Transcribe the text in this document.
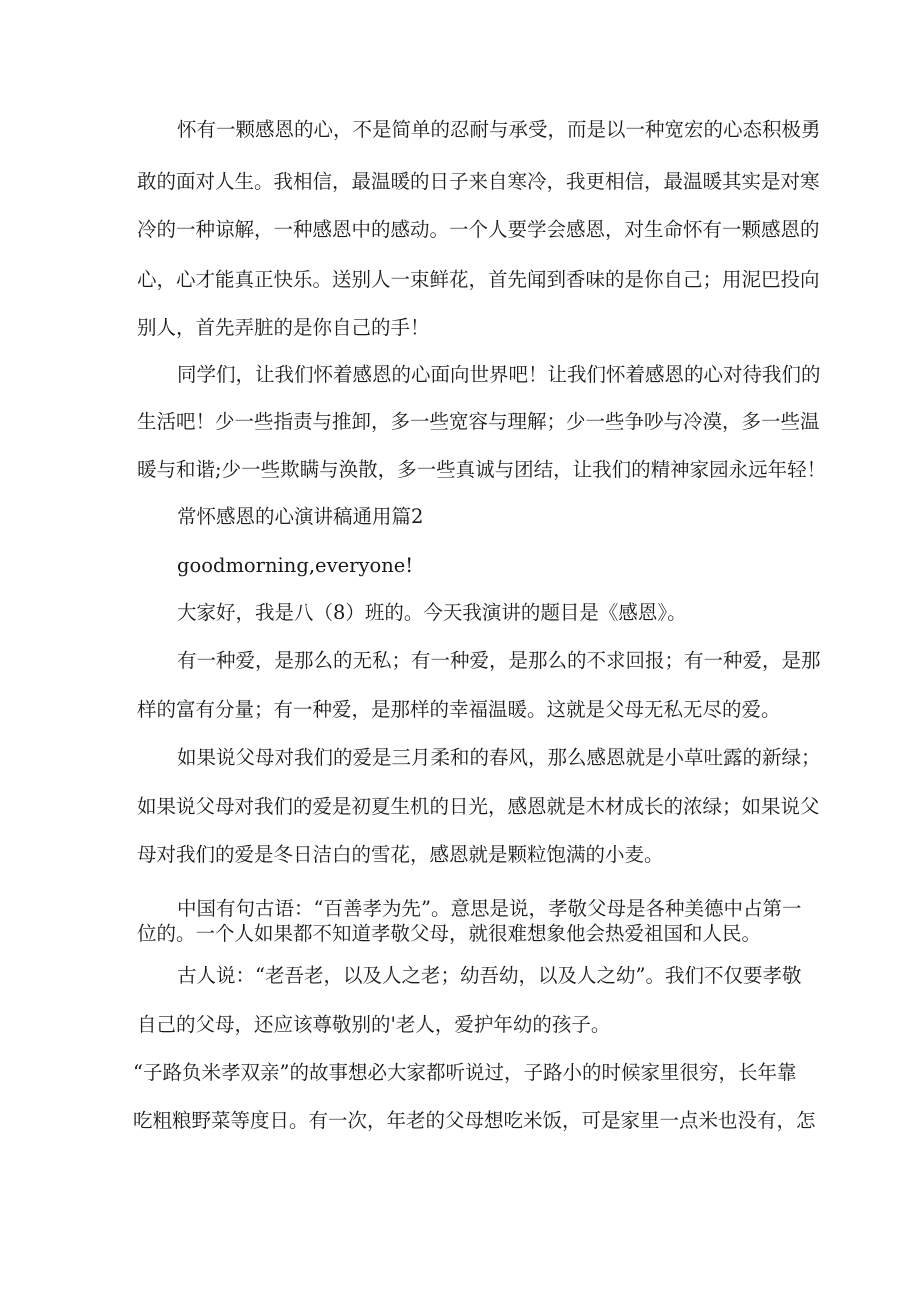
怀有一颗感恩的心，不是简单的忍耐与承受，而是以一种宽宏的心态积极勇

敢的面对人生。我相信，最温暖的日子来自寒冷，我更相信，最温暖其实是对寒

冷的一种谅解，一种感恩中的感动。一个人要学会感恩，对生命怀有一颗感恩的

心，心才能真正快乐。送别人一束鲜花，首先闻到香味的是你自己；用泥巴投向

别人，首先弄脏的是你自己的手！

同学们，让我们怀着感恩的心面向世界吧！让我们怀着感恩的心对待我们的

生活吧！少一些指责与推卸，多一些宽容与理解；少一些争吵与冷漠，多一些温

暖与和谐;少一些欺瞒与涣散，多一些真诚与团结，让我们的精神家园永远年轻！

常怀感恩的心演讲稿通用篇2

goodmorning,everyone!

大家好，我是八（8）班的。今天我演讲的题目是《感恩》。

有一种爱，是那么的无私；有一种爱，是那么的不求回报；有一种爱，是那

样的富有分量；有一种爱，是那样的幸福温暖。这就是父母无私无尽的爱。

如果说父母对我们的爱是三月柔和的春风，那么感恩就是小草吐露的新绿；

如果说父母对我们的爱是初夏生机的日光，感恩就是木材成长的浓绿；如果说父

母对我们的爱是冬日洁白的雪花，感恩就是颗粒饱满的小麦。

中国有句古语：“百善孝为先”。意思是说，孝敬父母是各种美德中占第一

位的。一个人如果都不知道孝敬父母，就很难想象他会热爱祖国和人民。

古人说：“老吾老，以及人之老；幼吾幼，以及人之幼”。我们不仅要孝敬

自己的父母，还应该尊敬别的'老人，爱护年幼的孩子。

“子路负米孝双亲”的故事想必大家都听说过，子路小的时候家里很穷，长年靠

吃粗粮野菜等度日。有一次，年老的父母想吃米饭，可是家里一点米也没有，怎
